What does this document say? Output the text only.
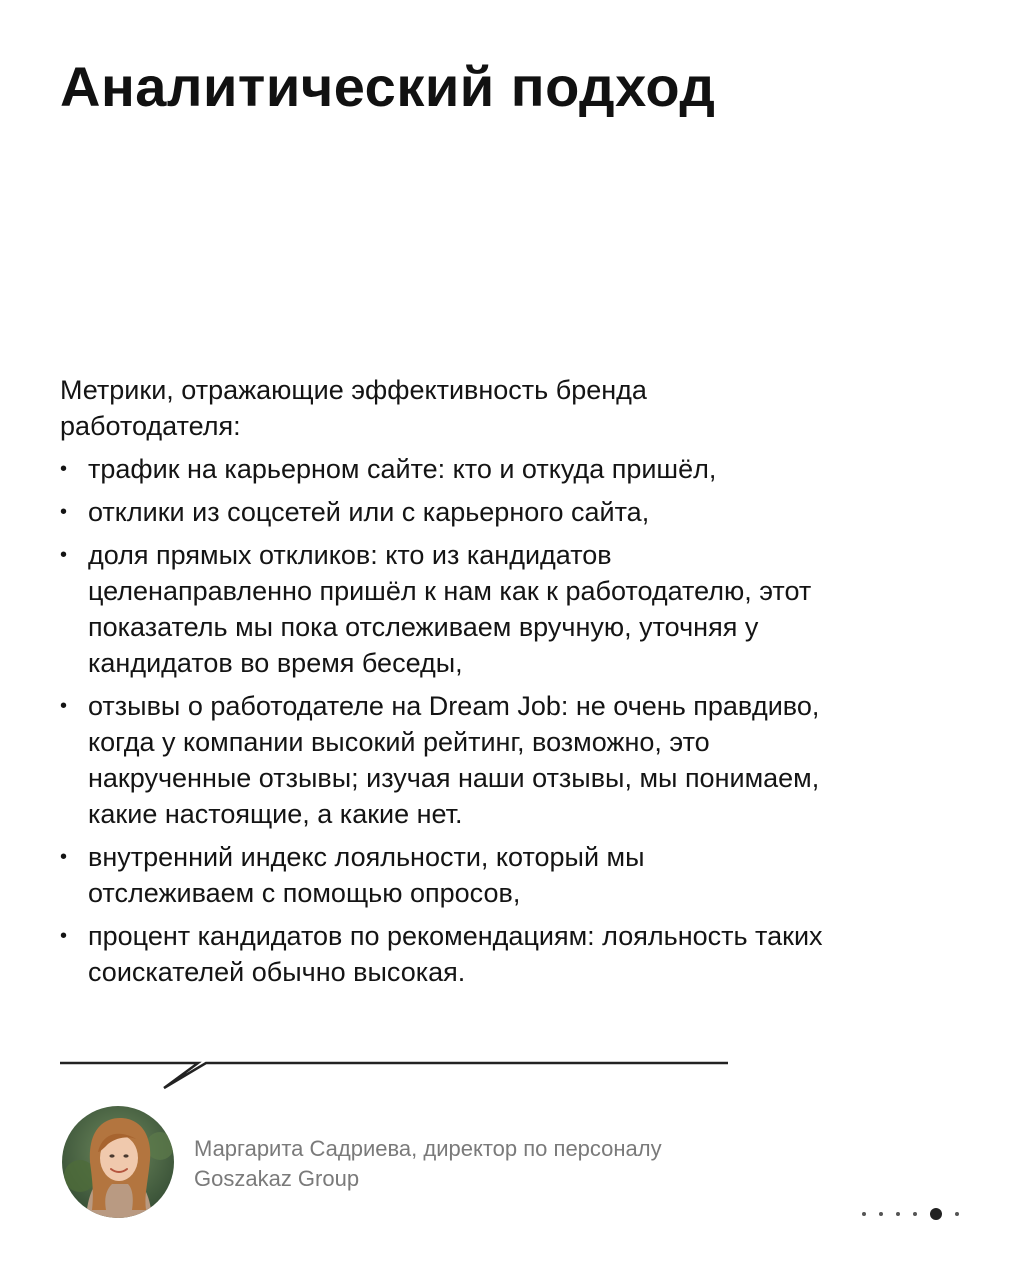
Аналитический подход

Метрики, отражающие эффективность бренда работодателя:

• трафик на карьерном сайте: кто и откуда пришёл,
• отклики из соцсетей или с карьерного сайта,
• доля прямых откликов: кто из кандидатов целенаправленно пришёл к нам как к работодателю, этот показатель мы пока отслеживаем вручную, уточняя у кандидатов во время беседы,
• отзывы о работодателе на Dream Job: не очень правдиво, когда у компании высокий рейтинг, возможно, это накрученные отзывы; изучая наши отзывы, мы понимаем, какие настоящие, а какие нет.
• внутренний индекс лояльности, который мы отслеживаем с помощью опросов,
• процент кандидатов по рекомендациям: лояльность таких соискателей обычно высокая.
Маргарита Садриева, директор по персоналу
Goszakaz Group
